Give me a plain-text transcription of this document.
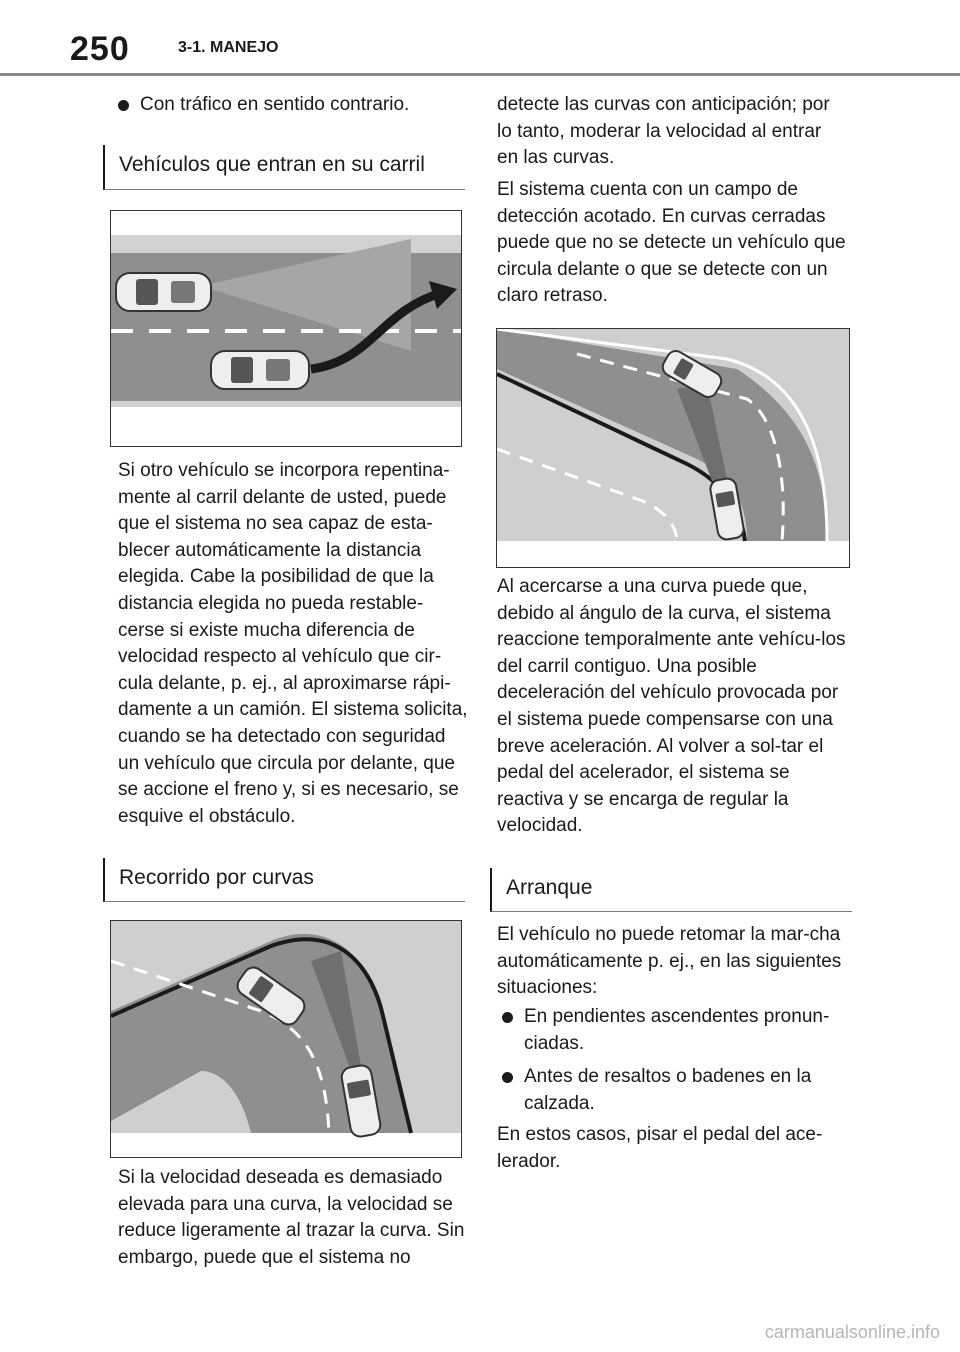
250	3-1. MANEJO
Con tráfico en sentido contrario.
Vehículos que entran en su carril

Si otro vehículo se incorpora repentina-mente al carril delante de usted, puede que el sistema no sea capaz de esta-blecer automáticamente la distancia elegida. Cabe la posibilidad de que la distancia elegida no pueda restable-cerse si existe mucha diferencia de velocidad respecto al vehículo que cir-cula delante, p. ej., al aproximarse rápi-damente a un camión. El sistema solicita, cuando se ha detectado con seguridad un vehículo que circula por delante, que se accione el freno y, si es necesario, se esquive el obstáculo.

Recorrido por curvas

Si la velocidad deseada es demasiado elevada para una curva, la velocidad se reduce ligeramente al trazar la curva. Sin embargo, puede que el sistema no

detecte las curvas con anticipación; por lo tanto, moderar la velocidad al entrar en las curvas.

El sistema cuenta con un campo de detección acotado. En curvas cerradas puede que no se detecte un vehículo que circula delante o que se detecte con un claro retraso.

Al acercarse a una curva puede que, debido al ángulo de la curva, el sistema reaccione temporalmente ante vehícu-los del carril contiguo. Una posible deceleración del vehículo provocada por el sistema puede compensarse con una breve aceleración. Al volver a sol-tar el pedal del acelerador, el sistema se reactiva y se encarga de regular la velocidad.

Arranque

El vehículo no puede retomar la mar-cha automáticamente p. ej., en las siguientes situaciones:

En pendientes ascendentes pronun-ciadas.
Antes de resaltos o badenes en la calzada.

En estos casos, pisar el pedal del ace-lerador.

carmanualsonline.info
